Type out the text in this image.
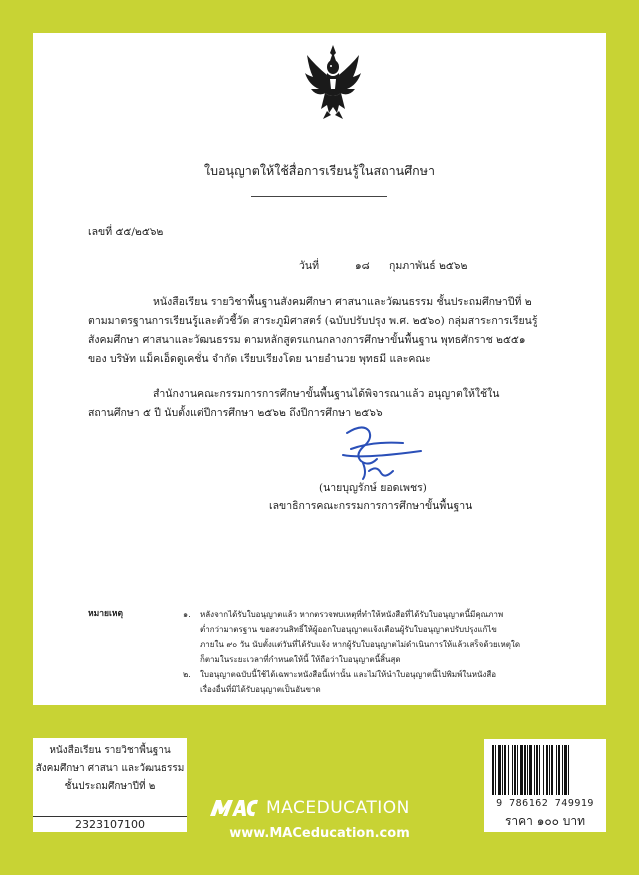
ใบอนุญาตให้ใช้สื่อการเรียนรู้ในสถานศึกษา
เลขที่ ๕๕/๒๕๖๒
วันที่	๑๘ กุมภาพันธ์ ๒๕๖๒
หนังสือเรียน รายวิชาพื้นฐานสังคมศึกษา ศาสนาและวัฒนธรรม ชั้นประถมศึกษาปีที่ ๒
ตามมาตรฐานการเรียนรู้และตัวชี้วัด สาระภูมิศาสตร์ (ฉบับปรับปรุง พ.ศ. ๒๕๖๐) กลุ่มสาระการเรียนรู้
สังคมศึกษา ศาสนาและวัฒนธรรม ตามหลักสูตรแกนกลางการศึกษาขั้นพื้นฐาน พุทธศักราช ๒๕๕๑
ของ บริษัท แม็คเอ็ดดูเคชั่น จำกัด เรียบเรียงโดย นายอำนวย พุทธมี และคณะ
สำนักงานคณะกรรมการการศึกษาขั้นพื้นฐานได้พิจารณาแล้ว อนุญาตให้ใช้ใน
สถานศึกษา ๕ ปี นับตั้งแต่ปีการศึกษา ๒๕๖๒ ถึงปีการศึกษา ๒๕๖๖
(นายบุญรักษ์ ยอดเพชร)
เลขาธิการคณะกรรมการการศึกษาขั้นพื้นฐาน
หมายเหตุ	๑. หลังจากได้รับใบอนุญาตแล้ว หากตรวจพบเหตุที่ทำให้หนังสือที่ได้รับใบอนุญาตนี้มีคุณภาพ
ต่ำกว่ามาตรฐาน ขอสงวนสิทธิ์ให้ผู้ออกใบอนุญาตแจ้งเตือนผู้รับใบอนุญาตปรับปรุงแก้ไข
ภายใน ๙๐ วัน นับตั้งแต่วันที่ได้รับแจ้ง หากผู้รับใบอนุญาตไม่ดำเนินการให้แล้วเสร็จด้วยเหตุใด
ก็ตามในระยะเวลาที่กำหนดให้นี้ ให้ถือว่าใบอนุญาตนี้สิ้นสุด
๒. ใบอนุญาตฉบับนี้ใช้ได้เฉพาะหนังสือนี้เท่านั้น และไม่ให้นำใบอนุญาตนี้ไปพิมพ์ในหนังสือ
เรื่องอื่นที่มิได้รับอนุญาตเป็นอันขาด
หนังสือเรียน รายวิชาพื้นฐาน
สังคมศึกษา ศาสนา และวัฒนธรรม
ชั้นประถมศึกษาปีที่ ๒
2323107100
MACEDUCATION
www.MACeducation.com
9 786162 749919
ราคา ๑๐๐ บาท
